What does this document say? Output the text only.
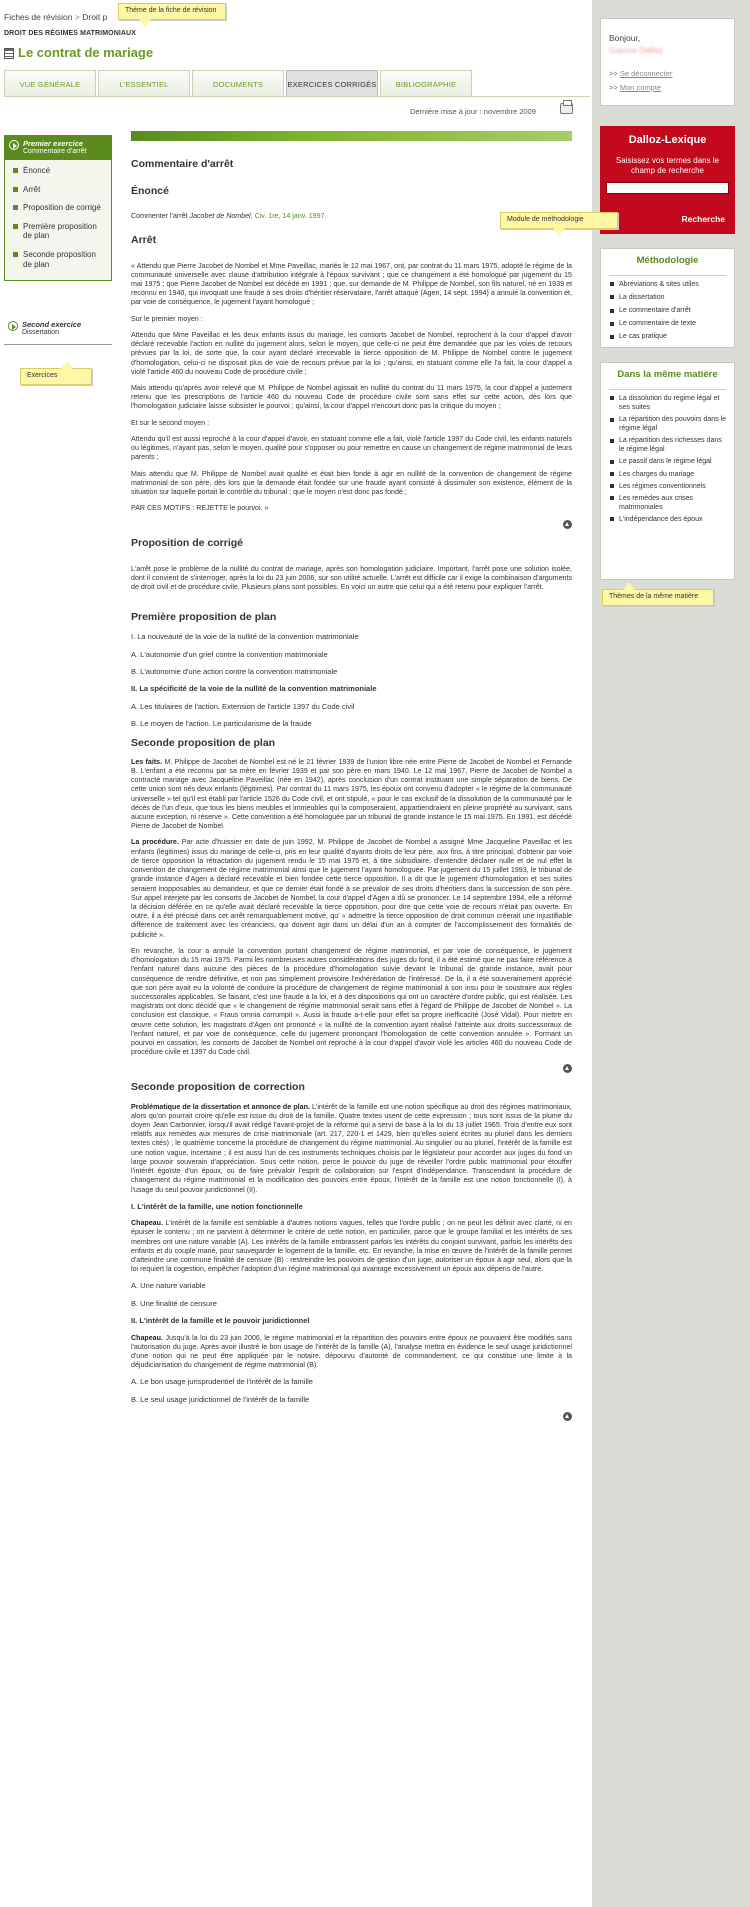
Fiches de révision > Droit p
DROIT DES RÉGIMES MATRIMONIAUX
Le contrat de mariage
VUE GÉNÉRALE	L'ESSENTIEL	DOCUMENTS	EXERCICES CORRIGÉS	BIBLIOGRAPHIE
Dernière mise à jour : novembre 2009
Premier exercice
Commentaire d'arrêt
Énoncé
Arrêt
Proposition de corrigé
Première proposition de plan
Seconde proposition de plan
Second exercice
Dissertation
Commentaire d'arrêt
Énoncé
Commenter l'arrêt Jacobet de Nombel, Civ. 1re, 14 janv. 1997.
Arrêt
« Attendu que Pierre Jacobet de Nombel et Mme Paveillac, mariés le 12 mai 1967, ont, par contrat du 11 mars 1975, adopté le régime de la communauté universelle avec clause d'attribution intégrale à l'époux survivant ; que ce changement a été homologué par jugement du 15 mai 1975 ; que Pierre Jacobet de Nombel est décédé en 1991 ; que, sur demande de M. Philippe de Nombel, son fils naturel, né en 1939 et reconnu en 1940, qui invoquait une fraude à ses droits d'héritier réservataire, l'arrêt attaqué (Agen, 14 sept. 1994) a annulé la convention et, par voie de conséquence, le jugement l'ayant homologué ;
Sur le premier moyen :
Attendu que Mme Paveillac et les deux enfants issus du mariage, les consorts Jacobet de Nombel, reprochent à la cour d'appel d'avoir déclaré recevable l'action en nullité du jugement alors, selon le moyen, que celle-ci ne peut être demandée que par les voies de recours prévues par la loi, de sorte que, la cour ayant déclaré irrecevable la tierce opposition de M. Philippe de Nombel contre le jugement d'homologation, celui-ci ne disposait plus de voie de recours prévue par la loi ; qu'ainsi, en statuant comme elle l'a fait, la cour d'appel a violé l'article 460 du nouveau Code de procédure civile ;
Mais attendu qu'après avoir relevé que M. Philippe de Nombel agissait en nullité du contrat du 11 mars 1975, la cour d'appel a justement retenu que les prescriptions de l'article 460 du nouveau Code de procédure civile sont sans effet sur cette action, dès lors que l'homologation judiciaire laisse subsister le pourvoi ; qu'ainsi, la cour d'appel n'encourt donc pas la critique du moyen ;
Et sur le second moyen :
Attendu qu'il est aussi reproché à la cour d'appel d'avoir, en statuant comme elle a fait, violé l'article 1397 du Code civil, les enfants naturels ou légitimes, n'ayant pas, selon le moyen, qualité pour s'opposer ou pour remettre en cause un changement de régime matrimonial de leurs parents ;
Mais attendu que M. Philippe de Nombel avait qualité et était bien fondé à agir en nullité de la convention de changement de régime matrimonial de son père, dès lors que la demande était fondée sur une fraude ayant consisté à dissimuler son existence, élément de la situation sur laquelle portait le contrôle du tribunal ; que le moyen n'est donc pas fondé ;
PAR CES MOTIFS : REJETTE le pourvoi. »
Proposition de corrigé
L'arrêt pose le problème de la nullité du contrat de mariage, après son homologation judiciaire. Important, l'arrêt pose une solution isolée, dont il convient de s'interroger, après la loi du 23 juin 2006, sur son utilité actuelle. L'arrêt est difficile car il exige la combinaison d'arguments de droit civil et de procédure civile. Plusieurs plans sont possibles. En voici un autre que celui qui a été retenu pour expliquer l'arrêt.
Première proposition de plan
I. La nouveauté de la voie de la nullité de la convention matrimoniale
A. L'autonomie d'un grief contre la convention matrimoniale
B. L'autonomie d'une action contre la convention matrimoniale
II. La spécificité de la voie de la nullité de la convention matrimoniale
A. Les titulaires de l'action. Extension de l'article 1397 du Code civil
B. Le moyen de l'action. Le particularisme de la fraude
Seconde proposition de plan
Les faits. M. Philippe de Jacobet de Nombel est né le 21 février 1939 de l'union libre née entre Pierre de Jacobet de Nombel et Fernande B. L'enfant a été reconnu par sa mère en février 1939 et par son père en mars 1940. Le 12 mai 1967, Pierre de Jacobet de Nombel a contracté mariage avec Jacqueline Paveillac (née en 1942), après conclusion d'un contrat instituant une simple séparation de biens. De cette union sont nés deux enfants (légitimes). Par contrat du 11 mars 1975, les époux ont convenu d'adopter « le régime de la communauté universelle » tel qu'il est établi par l'article 1526 du Code civil, et ont stipulé, « pour le cas exclusif de la dissolution de la communauté par le décès de l'un d'eux, que tous les biens meubles et immeubles qui la composeraient, appartiendraient en pleine propriété au survivant, sans aucune exception, ni réserve ». Cette convention a été homologuée par un tribunal de grande instance le 15 mai 1975. En 1991, est décédé Pierre de Jacobet de Nombel.
La procédure. Par acte d'huissier en date de juin 1992, M. Philippe de Jacobet de Nombel a assigné Mme Jacqueline Paveillac et les enfants (légitimes) issus du mariage de celle-ci, pris en leur qualité d'ayants droits de leur père, aux fins, à titre principal, d'obtenir par voie de tierce opposition la rétractation du jugement rendu le 15 mai 1975 et, à titre subsidiaire, d'entendre déclarer nulle et de nul effet la convention de changement de régime matrimonial ainsi que le jugement l'ayant homologuée. Par jugement du 15 juillet 1993, le tribunal de grande instance d'Agen a déclaré recevable et bien fondée cette tierce opposition. Il a dit que le jugement d'homologation et ses suites seraient inopposables au demandeur, et que ce dernier était fondé à se prévaloir de ses droits d'héritiers dans la succession de son père. Sur appel interjeté par les consorts de Jacobet de Nombel, la cour d'appel d'Agen a dû se prononcer. Le 14 septembre 1994, elle a réformé la décision déférée en ce qu'elle avait déclaré recevable la tierce opposition, pour dire que cette voie de recours n'était pas ouverte. En outre, il a été précisé dans cet arrêt remarquablement motivé, qu' « admettre la tierce opposition de droit commun créerait une injustifiable différence de traitement avec les créanciers, qui doivent agir dans un délai d'un an à compter de l'accomplissement des formalités de publicité ».
En revanche, la cour a annulé la convention portant changement de régime matrimonial, et par voie de conséquence, le jugement d'homologation du 15 mai 1975. Parmi les nombreuses autres considérations des juges du fond, il a été estimé que ne pas faire référence à l'enfant naturel dans aucune des pièces de la procédure d'homologation suivie devant le tribunal de grande instance, avait pour conséquence de rendre définitive, et non pas simplement provisoire l'exhérédation de l'intéressé. De là, il a été souverainement apprécié que son père avait eu la volonté de conduire la procédure de changement de régime matrimonial à son insu pour le soustraire aux règles successorales applicables. Se faisant, c'est une fraude à la loi, et à des dispositions qui ont un caractère d'ordre public, qui est réalisée. Les magistrats ont donc décidé que « le changement de régime matrimonial serait sans effet à l'égard de Philippe de Jacobet de Nombel ». La conclusion est classique, « Fraus omnia corrumpit ». Aussi la fraude a-t-elle pour effet sa propre inefficacité (José Vidal). Pour mettre en œuvre cette solution, les magistrats d'Agen ont prononcé « la nullité de la convention ayant réalisé l'atteinte aux droits successoraux de l'enfant naturel, et par voie de conséquence, celle du jugement prononçant l'homologation de cette convention annulée ». Formant un pourvoi en cassation, les consorts de Jacobet de Nombel ont reproché à la cour d'appel d'avoir violé les articles 460 du nouveau Code de procédure civile et 1397 du Code civil.
Seconde proposition de correction
Problématique de la dissertation et annonce de plan. L'intérêt de la famille est une notion spécifique au droit des régimes matrimoniaux, alors qu'on pourrait croire qu'elle est issue du droit de la famille. Quatre textes usent de cette expression ; tous sont issus de la plume du doyen Jean Carbonnier, lorsqu'il avait rédigé l'avant-projet de la réforme qui a servi de base à la loi du 13 juillet 1965. Trois d'entre eux sont relatifs aux remèdes aux mesures de crise matrimoniale (art. 217, 220-1 et 1429, bien qu'elles soient écrites au pluriel dans les derniers textes cités) ; le quatrième concerne la procédure de changement du régime matrimonial. Au singulier ou au pluriel, l'intérêt de la famille est une notion vague, incertaine ; il est aussi l'un de ces instruments techniques choisis par le législateur pour accorder aux juges du fond un large pouvoir souverain d'appréciation. Sous cette notion, perce le pouvoir du juge de réveiller l'ordre public matrimonial pour étouffer l'intérêt égoïste d'un époux, ou de faire prévaloir l'esprit de collaboration sur l'esprit d'indépendance. Transcendant la procédure de changement du régime matrimonial et la modification des pouvoirs entre époux, l'intérêt de la famille est une notion fonctionnelle (I), à l'usage du seul pouvoir juridictionnel (II).
I. L'intérêt de la famille, une notion fonctionnelle
Chapeau. L'intérêt de la famille est semblable à d'autres notions vagues, telles que l'ordre public ; on ne peut les définir avec clarté, ni en épuiser le contenu ; on ne parvient à déterminer le critère de cette notion, en particulier, parce que le groupe familial et les intérêts de ses membres ont une nature variable (A). Les intérêts de la famille embrassent parfois les intérêts du conjoint survivant, parfois les intérêts des enfants et du couple marié, pour sauvegarder le logement de la famille, etc. En revanche, la mise en œuvre de l'intérêt de la famille permet d'atteindre une commune finalité de censure (B) : restreindre les pouvoirs de gestion d'un juge, autoriser un époux à agir seul, alors que la loi requiert la cogestion, empêcher l'adoption d'un régime matrimonial qui avantage excessivement un époux aux dépens de l'autre.
A. Une nature variable
B. Une finalité de censure
II. L'intérêt de la famille et le pouvoir juridictionnel
Chapeau. Jusqu'à la loi du 23 juin 2006, le régime matrimonial et la répartition des pouvoirs entre époux ne pouvaient être modifiés sans l'autorisation du juge. Après avoir illustré le bon usage de l'intérêt de la famille (A), l'analyse mettra en évidence le seul usage juridictionnel d'une notion qui ne peut être appliquée par le notaire, dépourvu d'autorité de commandement, ce qui constitue une limite à la déjudiciarisation du changement de régime matrimonial (B).
A. Le bon usage jurisprudentiel de l'intérêt de la famille
B. Le seul usage juridictionnel de l'intérêt de la famille
Bonjour,
Gaucre Dalloz
>> Se déconnecter
>> Mon compte
Dalloz-Lexique
Saisissez vos termes dans le champ de recherche
Recherche
Méthodologie
Abréviations & sites utiles
La dissertation
Le commentaire d'arrêt
Le commentaire de texte
Le cas pratique
Dans la même matière
La dissolution du régime légal et ses suites
La répartition des pouvoirs dans le régime légal
La répartition des richesses dans le régime légal
Le passif dans le régime légal
Les charges du mariage
Les régimes conventionnels
Les remèdes aux crises matrimoniales
L'indépendance des époux
Thème de la fiche de révision
Exercices
Module de méthodologie
Thèmes de la même matière
